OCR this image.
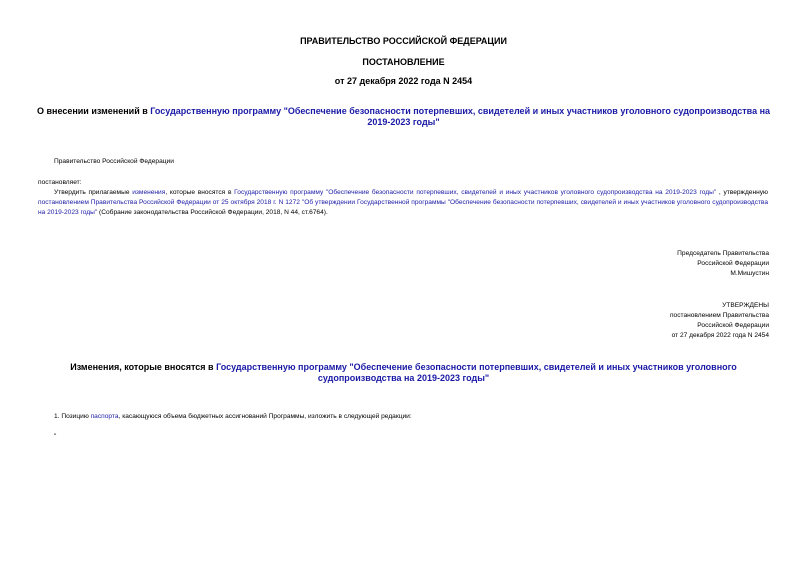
ПРАВИТЕЛЬСТВО РОССИЙСКОЙ ФЕДЕРАЦИИ
ПОСТАНОВЛЕНИЕ
от 27 декабря 2022 года N 2454
О внесении изменений в Государственную программу "Обеспечение безопасности потерпевших, свидетелей и иных участников уголовного судопроизводства на 2019-2023 годы"
Правительство Российской Федерации
постановляет:
Утвердить прилагаемые изменения, которые вносятся в Государственную программу "Обеспечение безопасности потерпевших, свидетелей и иных участников уголовного судопроизводства на 2019-2023 годы" , утвержденную постановлением Правительства Российской Федерации от 25 октября 2018 г. N 1272 "Об утверждении Государственной программы "Обеспечение безопасности потерпевших, свидетелей и иных участников уголовного судопроизводства на 2019-2023 годы" (Собрание законодательства Российской Федерации, 2018, N 44, ст.6764).
Председатель Правительства
Российской Федерации
М.Мишустин
УТВЕРЖДЕНЫ
постановлением Правительства
Российской Федерации
от 27 декабря 2022 года N 2454
Изменения, которые вносятся в Государственную программу "Обеспечение безопасности потерпевших, свидетелей и иных участников уголовного судопроизводства на 2019-2023 годы"
1. Позицию паспорта, касающуюся объема бюджетных ассигнований Программы, изложить в следующей редакции:
"
